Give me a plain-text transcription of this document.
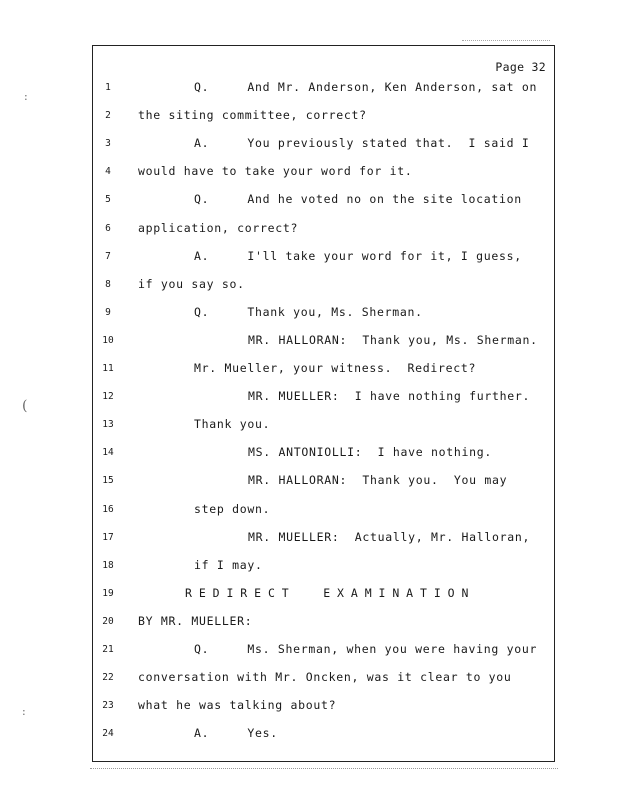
:
(
:
Page 32
1	Q.     And Mr. Anderson, Ken Anderson, sat on
2	the siting committee, correct?
3	A.     You previously stated that.  I said I
4	would have to take your word for it.
5	Q.     And he voted no on the site location
6	application, correct?
7	A.     I'll take your word for it, I guess,
8	if you say so.
9	Q.     Thank you, Ms. Sherman.
10	MR. HALLORAN:  Thank you, Ms. Sherman.
11	Mr. Mueller, your witness.  Redirect?
12	MR. MUELLER:  I have nothing further.
13	Thank you.
14	MS. ANTONIOLLI:  I have nothing.
15	MR. HALLORAN:  Thank you.  You may
16	step down.
17	MR. MUELLER:  Actually, Mr. Halloran,
18	if I may.
19	REDIRECT  EXAMINATION
20	BY MR. MUELLER:
21	Q.     Ms. Sherman, when you were having your
22	conversation with Mr. Oncken, was it clear to you
23	what he was talking about?
24	A.     Yes.
